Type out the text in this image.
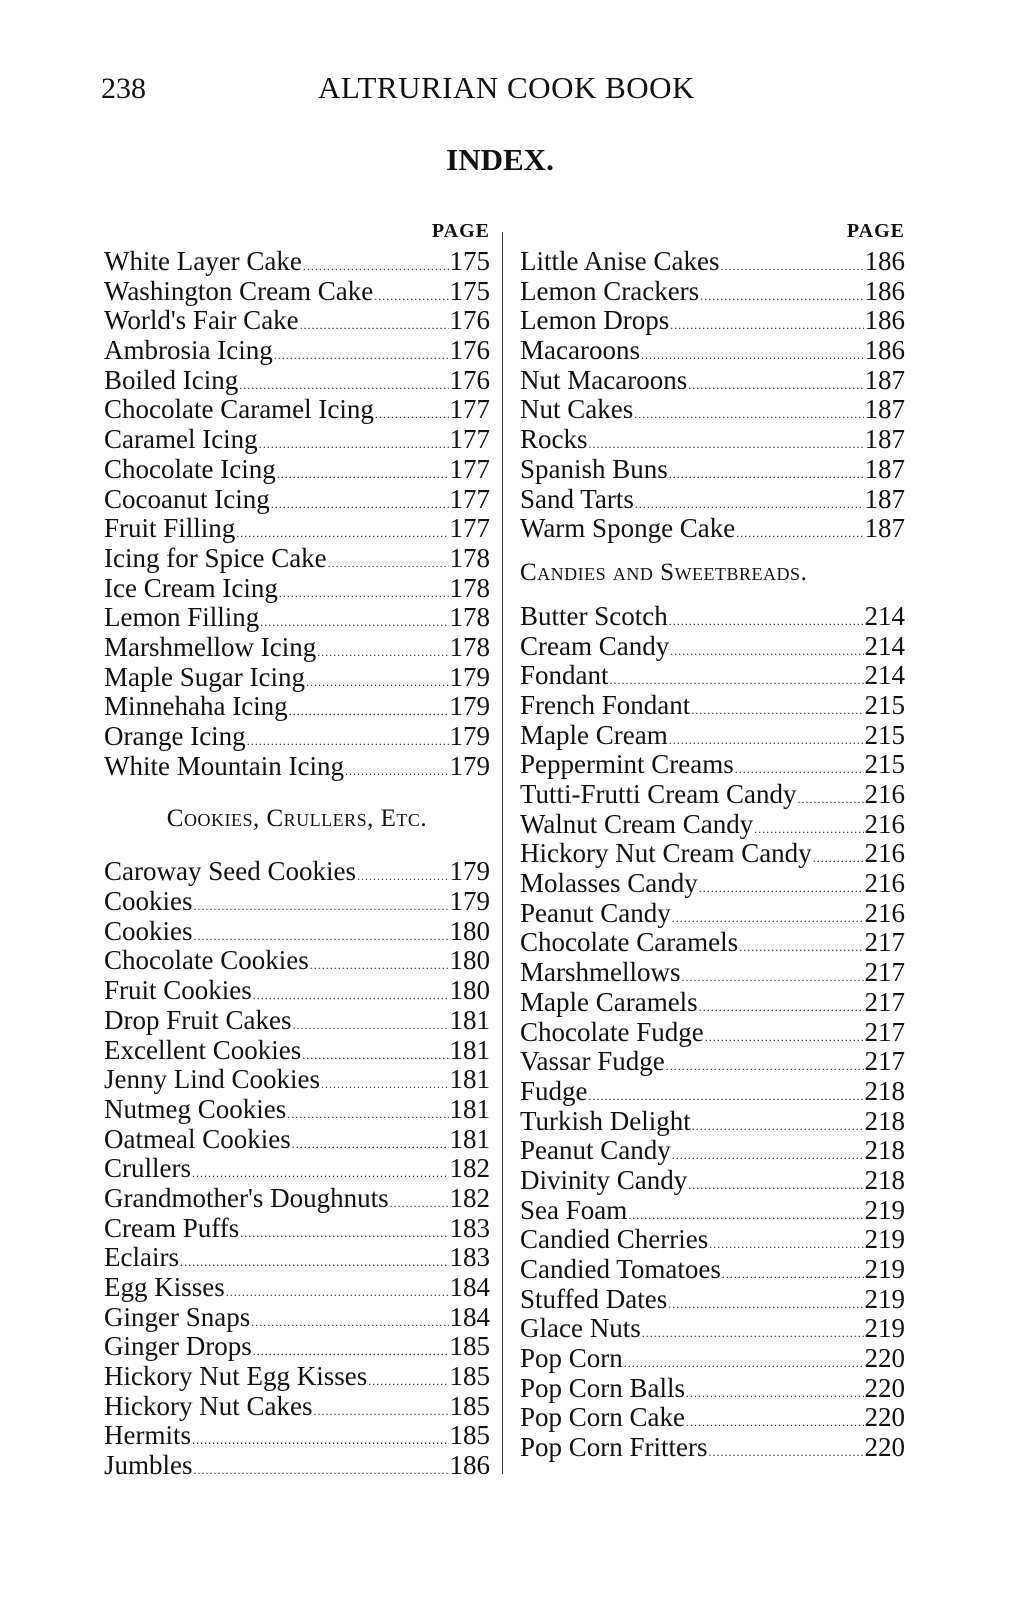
238	ALTRURIAN COOK BOOK
INDEX.
PAGE
White Layer Cake .....	175
Washington Cream Cake .....	175
World's Fair Cake .....	176
Ambrosia Icing .....	176
Boiled Icing .....	176
Chocolate Caramel Icing .....	177
Caramel Icing .....	177
Chocolate Icing .....	177
Cocoanut Icing .....	177
Fruit Filling .....	177
Icing for Spice Cake .....	178
Ice Cream Icing .....	178
Lemon Filling .....	178
Marshmellow Icing .....	178
Maple Sugar Icing .....	179
Minnehaha Icing .....	179
Orange Icing .....	179
White Mountain Icing .....	179
Cookies, Crullers, Etc.
Caroway Seed Cookies .....	179
Cookies .....	179
Cookies .....	180
Chocolate Cookies .....	180
Fruit Cookies .....	180
Drop Fruit Cakes .....	181
Excellent Cookies .....	181
Jenny Lind Cookies .....	181
Nutmeg Cookies .....	181
Oatmeal Cookies .....	181
Crullers .....	182
Grandmother's Doughnuts ..... 182
Cream Puffs .....	183
Eclairs .....	183
Egg Kisses .....	184
Ginger Snaps .....	184
Ginger Drops .....	185
Hickory Nut Egg Kisses .....	185
Hickory Nut Cakes .....	185
Hermits .....	185
Jumbles .....	186
PAGE
Little Anise Cakes .....	186
Lemon Crackers .....	186
Lemon Drops .....	186
Macaroons .....	186
Nut Macaroons .....	187
Nut Cakes .....	187
Rocks .....	187
Spanish Buns .....	187
Sand Tarts .....	187
Warm Sponge Cake .....	187
Candies and Sweetbreads.
Butter Scotch .....	214
Cream Candy .....	214
Fondant .....	214
French Fondant .....	215
Maple Cream .....	215
Peppermint Creams .....	215
Tutti-Frutti Cream Candy .....	216
Walnut Cream Candy .....	216
Hickory Nut Cream Candy ..... 216
Molasses Candy .....	216
Peanut Candy .....	216
Chocolate Caramels .....	217
Marshmellows .....	217
Maple Caramels .....	217
Chocolate Fudge .....	217
Vassar Fudge .....	217
Fudge .....	218
Turkish Delight .....	218
Peanut Candy .....	218
Divinity Candy .....	218
Sea Foam .....	219
Candied Cherries .....	219
Candied Tomatoes .....	219
Stuffed Dates .....	219
Glace Nuts .....	219
Pop Corn .....	220
Pop Corn Balls .....	220
Pop Corn Cake .....	220
Pop Corn Fritters .....	220
